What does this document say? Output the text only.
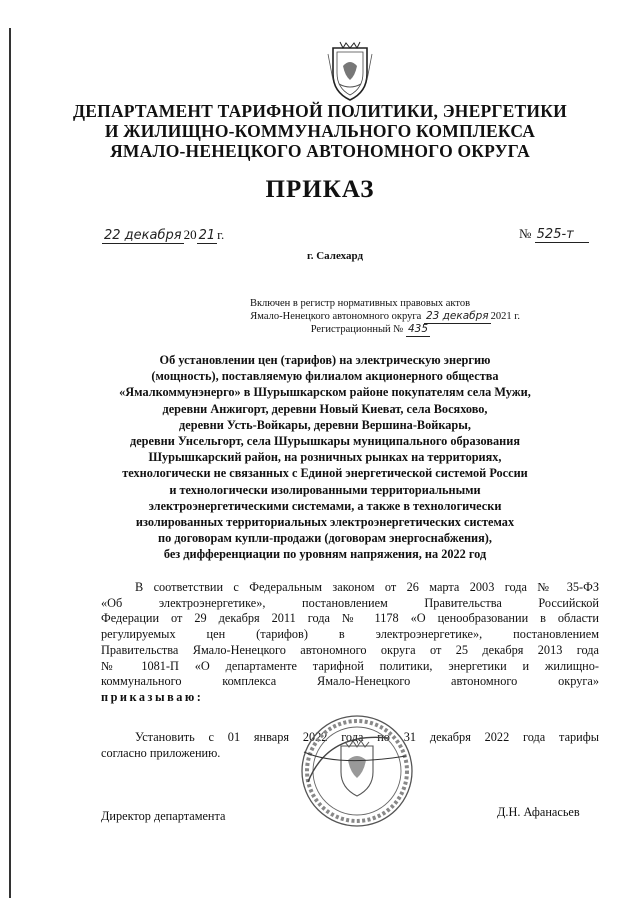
ДЕПАРТАМЕНТ ТАРИФНОЙ ПОЛИТИКИ, ЭНЕРГЕТИКИ
И ЖИЛИЩНО-КОММУНАЛЬНОГО КОМПЛЕКСА
ЯМАЛО-НЕНЕЦКОГО АВТОНОМНОГО ОКРУГА
ПРИКАЗ
22 декабря 20 21 г.	№ 525-т
г. Салехард
Включен в регистр нормативных правовых актов
Ямало-Ненецкого автономного округа 23 декабря 2021 г.
Регистрационный № 435
Об установлении цен (тарифов) на электрическую энергию
(мощность), поставляемую филиалом акционерного общества
«Ямалкоммунэнерго» в Шурышкарском районе покупателям села Мужи,
деревни Анжигорт, деревни Новый Киеват, села Восяхово,
деревни Усть-Войкары, деревни Вершина-Войкары,
деревни Унсельгорт, села Шурышкары муниципального образования
Шурышкарский район, на розничных рынках на территориях,
технологически не связанных с Единой энергетической системой России
и технологически изолированными территориальными
электроэнергетическими системами, а также в технологически
изолированных территориальных электроэнергетических системах
по договорам купли-продажи (договорам энергоснабжения),
без дифференциации по уровням напряжения, на 2022 год
В соответствии с Федеральным законом от 26 марта 2003 года № 35-ФЗ
«Об электроэнергетике», постановлением Правительства Российской
Федерации от 29 декабря 2011 года № 1178 «О ценообразовании в области
регулируемых цен (тарифов) в электроэнергетике», постановлением
Правительства Ямало-Ненецкого автономного округа от 25 декабря 2013 года
№ 1081-П «О департаменте тарифной политики, энергетики и жилищно-
коммунального комплекса Ямало-Ненецкого автономного округа»
приказываю:
Установить с 01 января 2022 года по 31 декабря 2022 года тарифы
согласно приложению.
Директор департамента	Д.Н. Афанасьев
